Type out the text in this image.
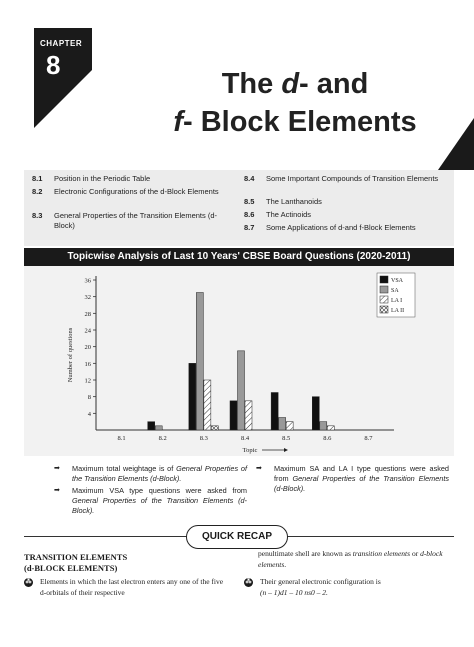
CHAPTER
8
The d- and
f- Block Elements
8.1 Position in the Periodic Table
8.2 Electronic Configurations of the d-Block Elements
8.3 General Properties of the Transition Elements (d-Block)
8.4 Some Important Compounds of Transition Elements
8.5 The Lanthanoids
8.6 The Actinoids
8.7 Some Applications of d-and f-Block Elements
Topicwise Analysis of Last 10 Years' CBSE Board Questions (2020-2011)
4
8
12
16
20
24
28
32
36
Number of questions
8.1	8.2	8.3	8.4	8.5	8.6	8.7
Topic
VSA
SA
LA I
LA II
➡ Maximum total weightage is of General Properties of the Transition Elements (d-Block).
➡ Maximum VSA type questions were asked from General Properties of the Transition Elements (d-Block).
➡ Maximum SA and LA I type questions were asked from General Properties of the Transition Elements (d-Block).
QUICK RECAP
TRANSITION ELEMENTS
(d-BLOCK ELEMENTS)
⁂ Elements in which the last electron enters any one of the five d-orbitals of their respective
penultimate shell are known as transition elements or d-block elements.
⁂ Their general electronic configuration is
(n – 1)d1 – 10 ns0 – 2.
